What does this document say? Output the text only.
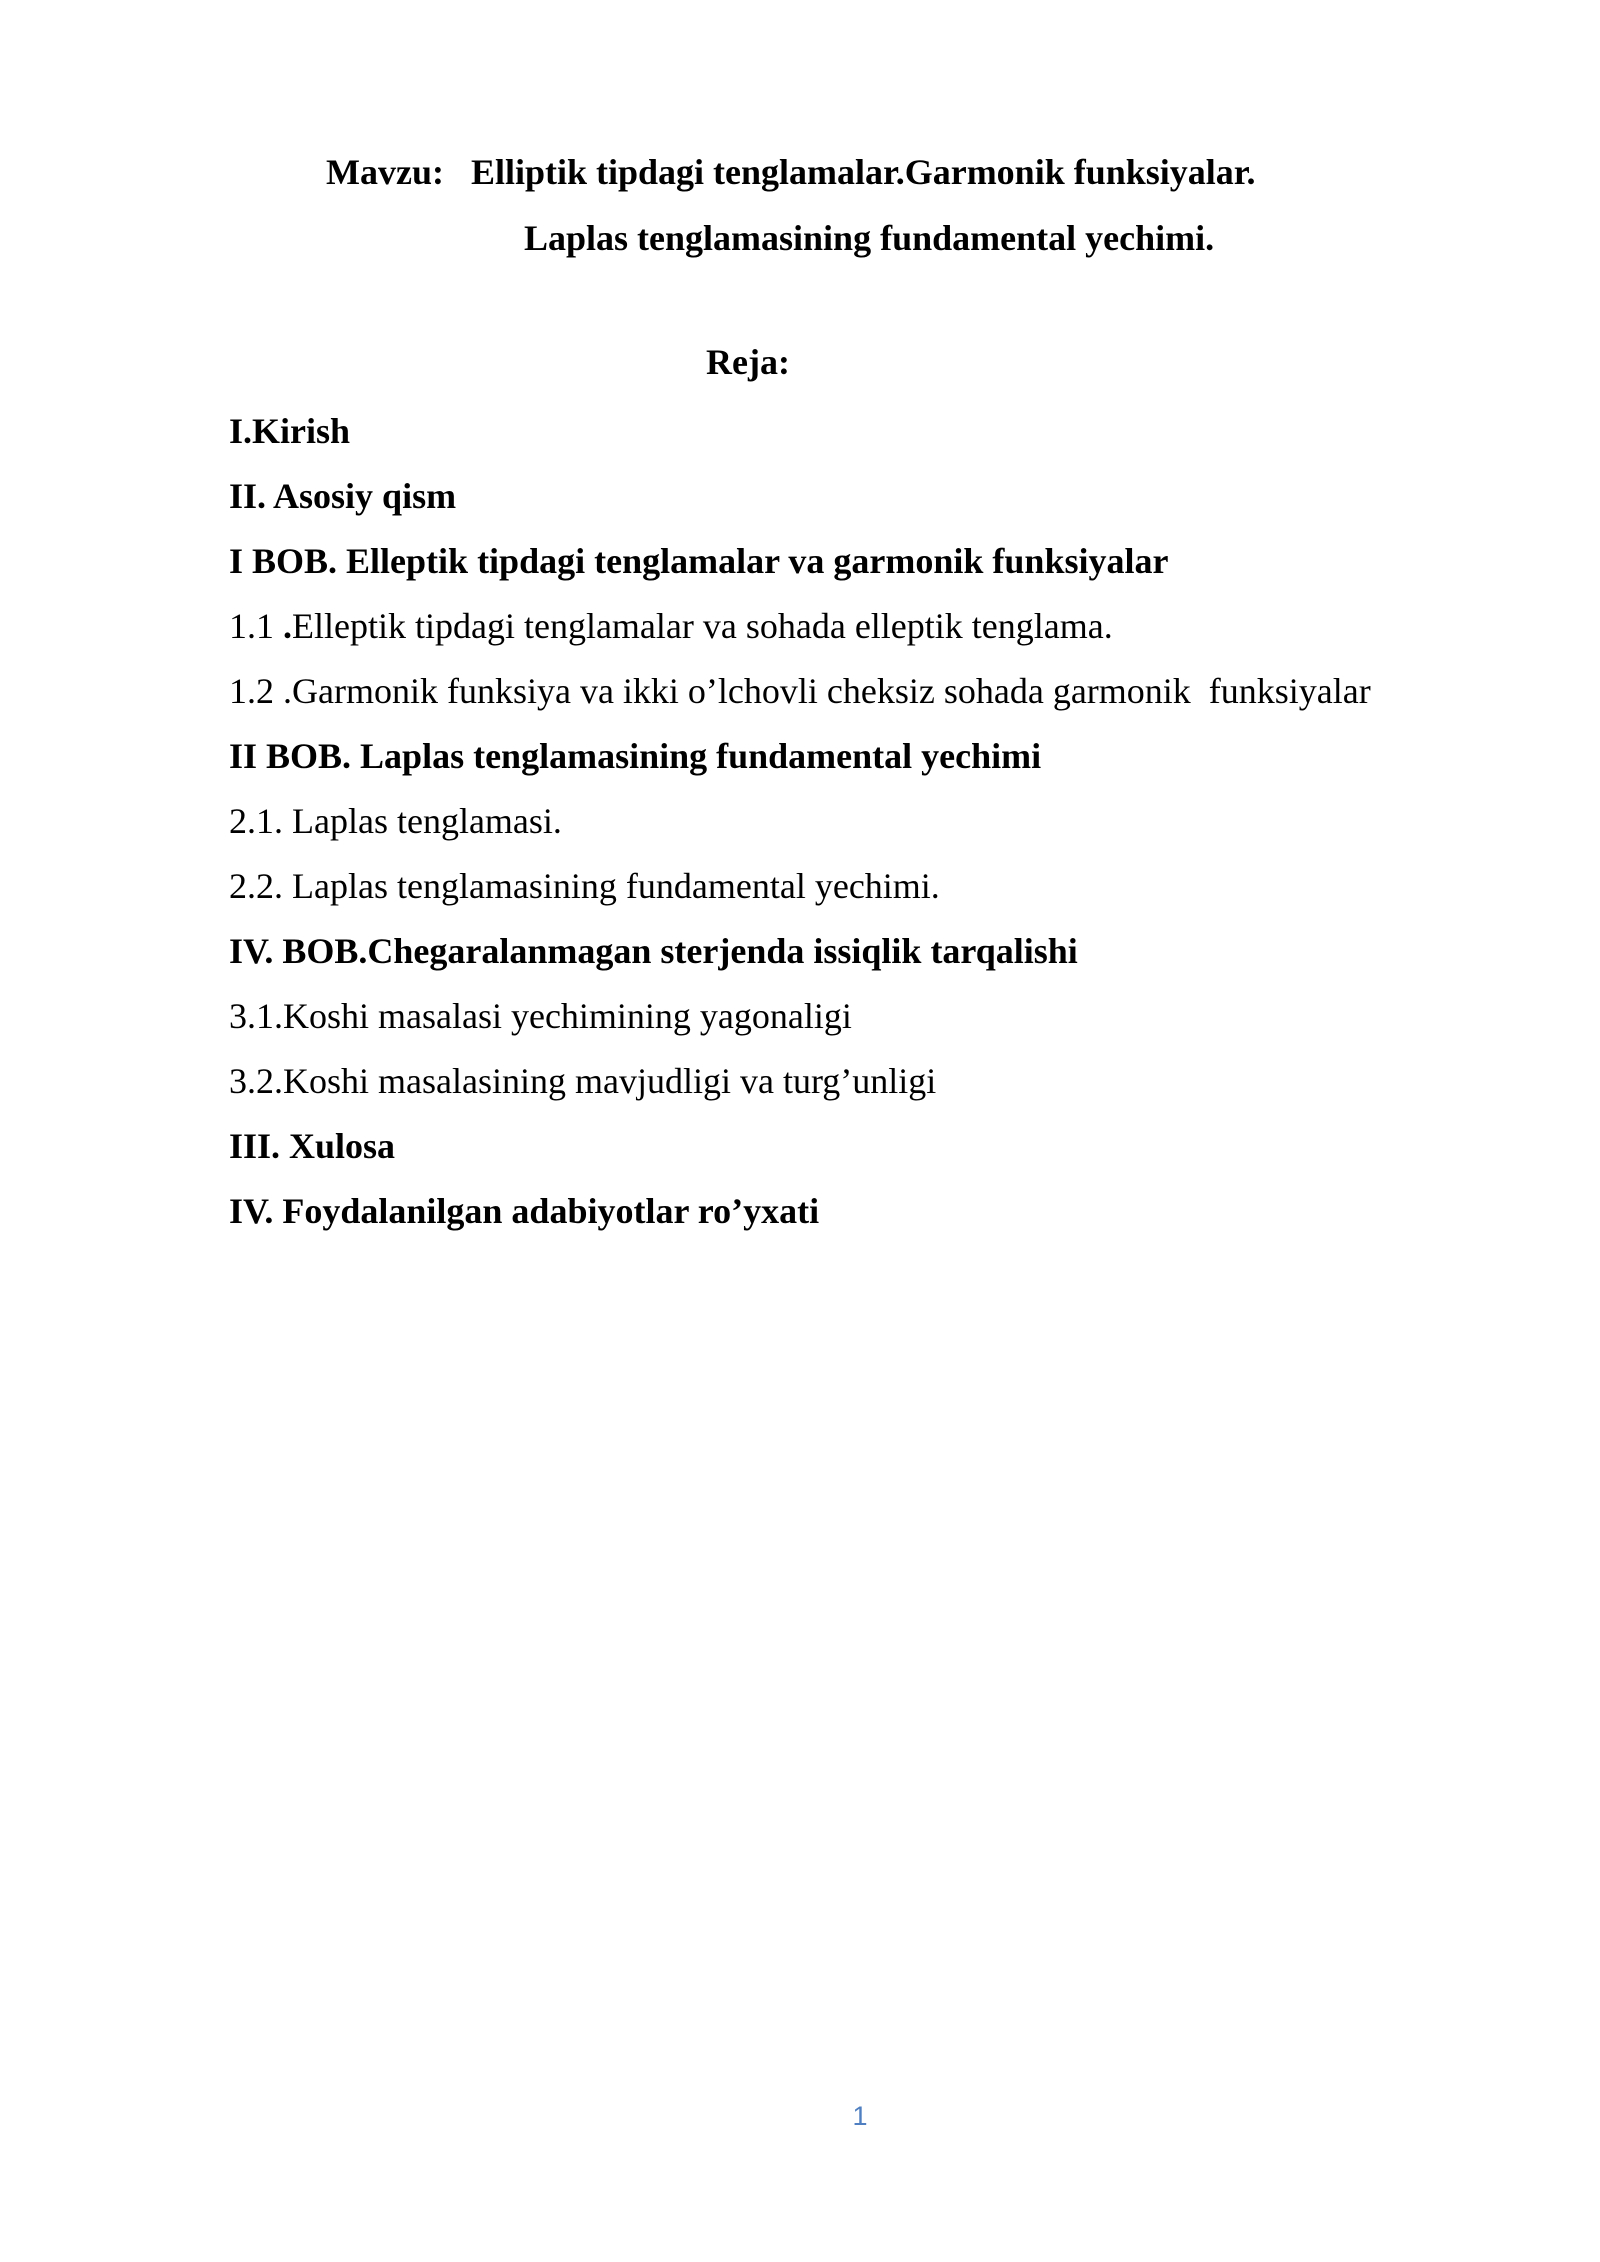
Mavzu:   Elliptik tipdagi tenglamalar.Garmonik funksiyalar.
Laplas tenglamasining fundamental yechimi.
Reja:
I.Kirish
II. Asosiy qism
I BOB. Elleptik tipdagi tenglamalar va garmonik funksiyalar
1.1 .Elleptik tipdagi tenglamalar va sohada elleptik tenglama.
1.2 .Garmonik funksiya va ikki o’lchovli cheksiz sohada garmonik  funksiyalar
II BOB. Laplas tenglamasining fundamental yechimi
2.1. Laplas tenglamasi.
2.2. Laplas tenglamasining fundamental yechimi.
IV. BOB.Chegaralanmagan sterjenda issiqlik tarqalishi
3.1.Koshi masalasi yechimining yagonaligi
3.2.Koshi masalasining mavjudligi va turg’unligi
III. Xulosa
IV. Foydalanilgan adabiyotlar ro’yxati
1
